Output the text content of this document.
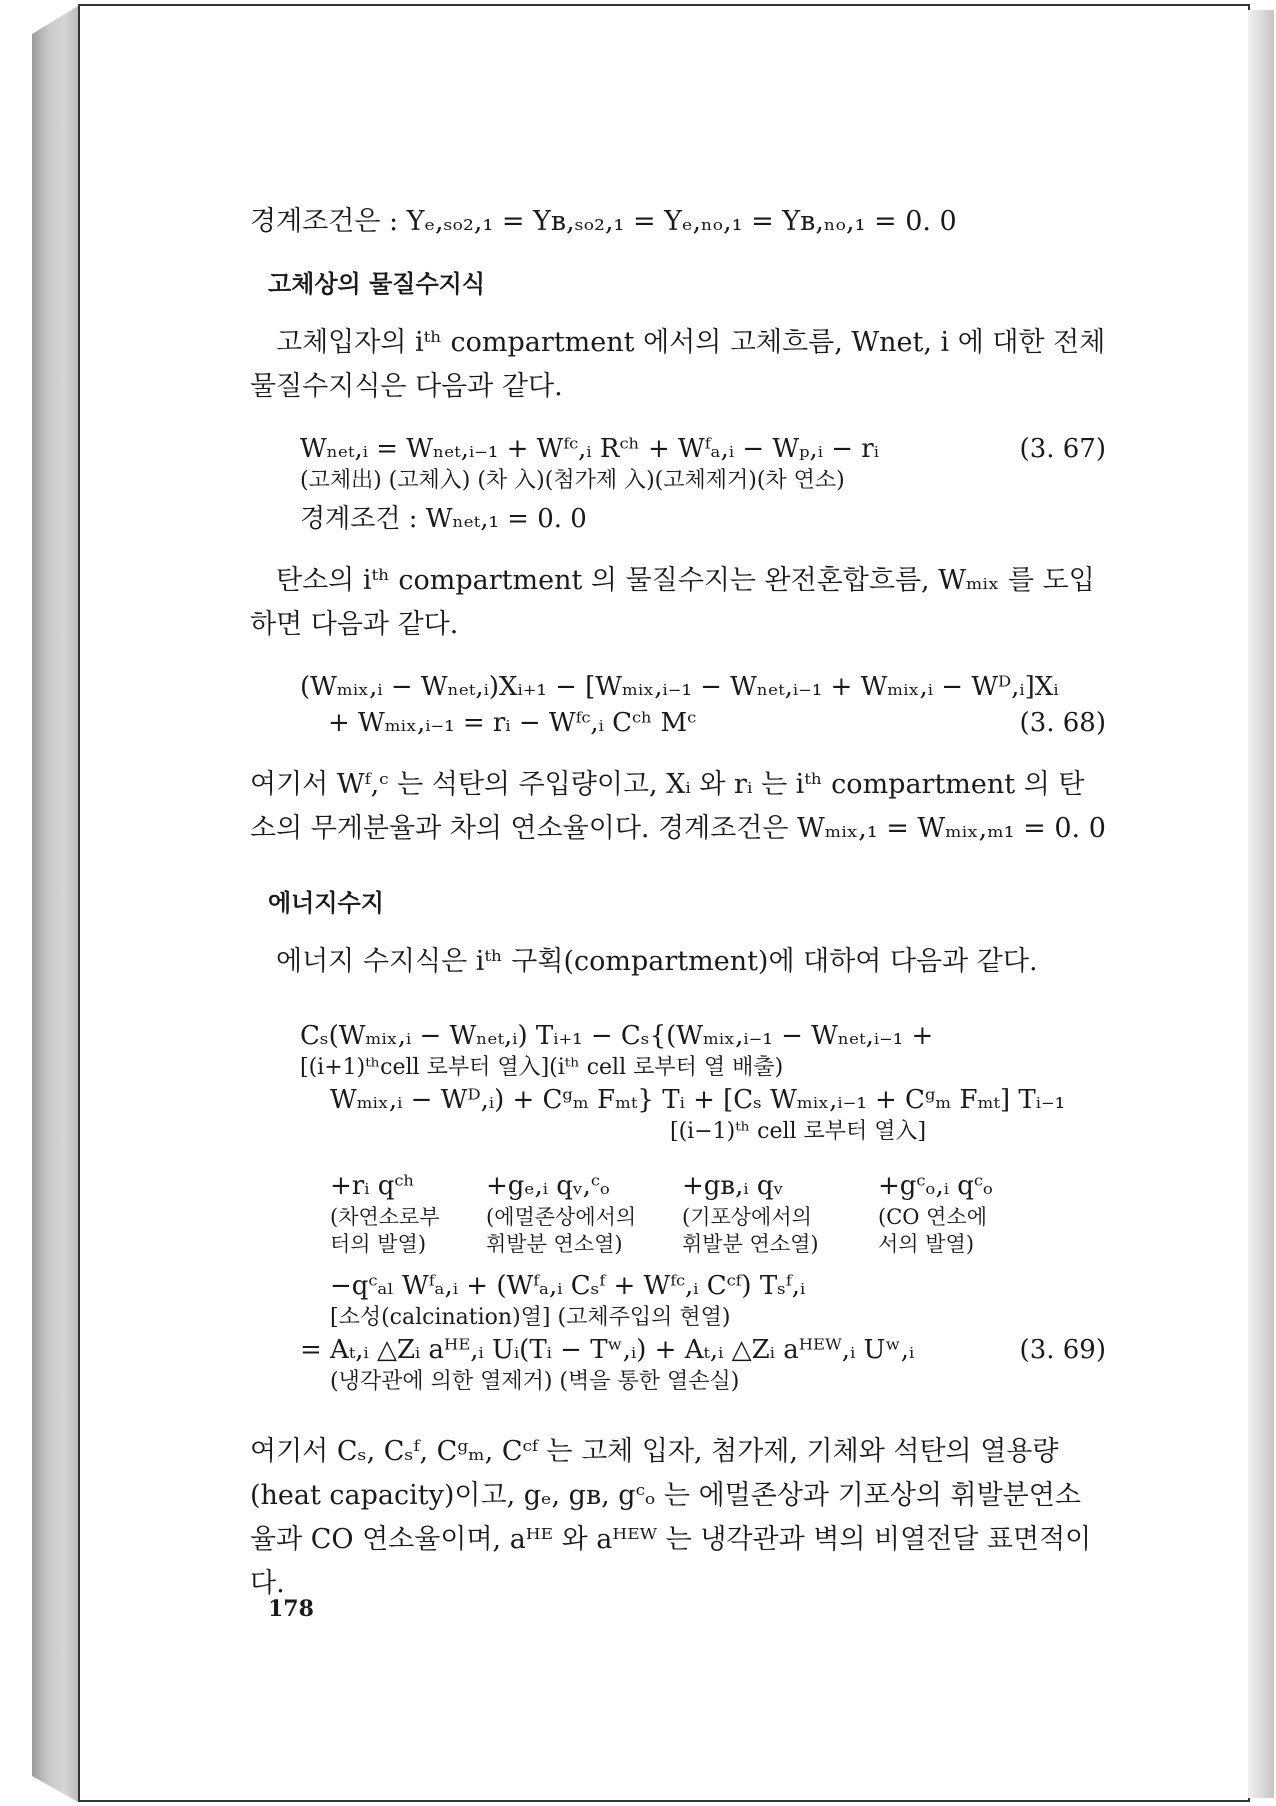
경계조건은 : Yₑ,ₛₒ₂,₁ = Yʙ,ₛₒ₂,₁ = Yₑ,ₙₒ,₁ = Yʙ,ₙₒ,₁ = 0. 0
고체상의 물질수지식
고체입자의 iᵗʰ compartment 에서의 고체흐름, Wnet, i 에 대한 전체 물질수지식은 다음과 같다.
Wₙₑₜ,ᵢ = Wₙₑₜ,ᵢ₋₁ + Wᶠᶜ,ᵢ Rᶜʰ + Wᶠₐ,ᵢ − Wₚ,ᵢ − rᵢ	(3. 67)
(고체出) (고체入) (차 入)(첨가제 入)(고체제거)(차 연소)
경계조건 : Wₙₑₜ,₁ = 0. 0
탄소의 iᵗʰ compartment 의 물질수지는 완전혼합흐름, Wₘᵢₓ 를 도입하면 다음과 같다.
(Wₘᵢₓ,ᵢ − Wₙₑₜ,ᵢ)Xᵢ₊₁ − [Wₘᵢₓ,ᵢ₋₁ − Wₙₑₜ,ᵢ₋₁ + Wₘᵢₓ,ᵢ − Wᴰ,ᵢ]Xᵢ
+ Wₘᵢₓ,ᵢ₋₁ = rᵢ − Wᶠᶜ,ᵢ Cᶜʰ Mᶜ	(3. 68)
여기서 Wᶠ,ᶜ 는 석탄의 주입량이고, Xᵢ 와 rᵢ 는 iᵗʰ compartment 의 탄소의 무게분율과 차의 연소율이다. 경계조건은 Wₘᵢₓ,₁ = Wₘᵢₓ,ₘ₁ = 0. 0
에너지수지
에너지 수지식은 iᵗʰ 구획(compartment)에 대하여 다음과 같다.
Cₛ(Wₘᵢₓ,ᵢ − Wₙₑₜ,ᵢ) Tᵢ₊₁ − Cₛ{(Wₘᵢₓ,ᵢ₋₁ − Wₙₑₜ,ᵢ₋₁ +
[(i+1)ᵗʰcell 로부터 열入](iᵗʰ cell 로부터 열 배출)
Wₘᵢₓ,ᵢ − Wᴰ,ᵢ) + Cᵍₘ Fₘₜ} Tᵢ + [Cₛ Wₘᵢₓ,ᵢ₋₁ + Cᵍₘ Fₘₜ] Tᵢ₋₁
[(i−1)ᵗʰ cell 로부터 열入]
+rᵢ qᶜʰ	+gₑ,ᵢ qᵥ,ᶜₒ	+gʙ,ᵢ qᵥ	+gᶜₒ,ᵢ qᶜₒ
(차연소로부	(에멀존상에서의	(기포상에서의	(CO 연소에
터의 발열)	휘발분 연소열)	휘발분 연소열)	서의 발열)
−qᶜₐₗ Wᶠₐ,ᵢ + (Wᶠₐ,ᵢ Cₛᶠ + Wᶠᶜ,ᵢ Cᶜᶠ) Tₛᶠ,ᵢ
[소성(calcination)열] (고체주입의 현열)
= Aₜ,ᵢ △Zᵢ aᴴᴱ,ᵢ Uᵢ(Tᵢ − Tʷ,ᵢ) + Aₜ,ᵢ △Zᵢ aᴴᴱᵂ,ᵢ Uʷ,ᵢ	(3. 69)
(냉각관에 의한 열제거) (벽을 통한 열손실)
여기서 Cₛ, Cₛᶠ, Cᵍₘ, Cᶜᶠ 는 고체 입자, 첨가제, 기체와 석탄의 열용량(heat capacity)이고, gₑ, gʙ, gᶜₒ 는 에멀존상과 기포상의 휘발분연소율과 CO 연소율이며, aᴴᴱ 와 aᴴᴱᵂ 는 냉각관과 벽의 비열전달 표면적이다.
178
